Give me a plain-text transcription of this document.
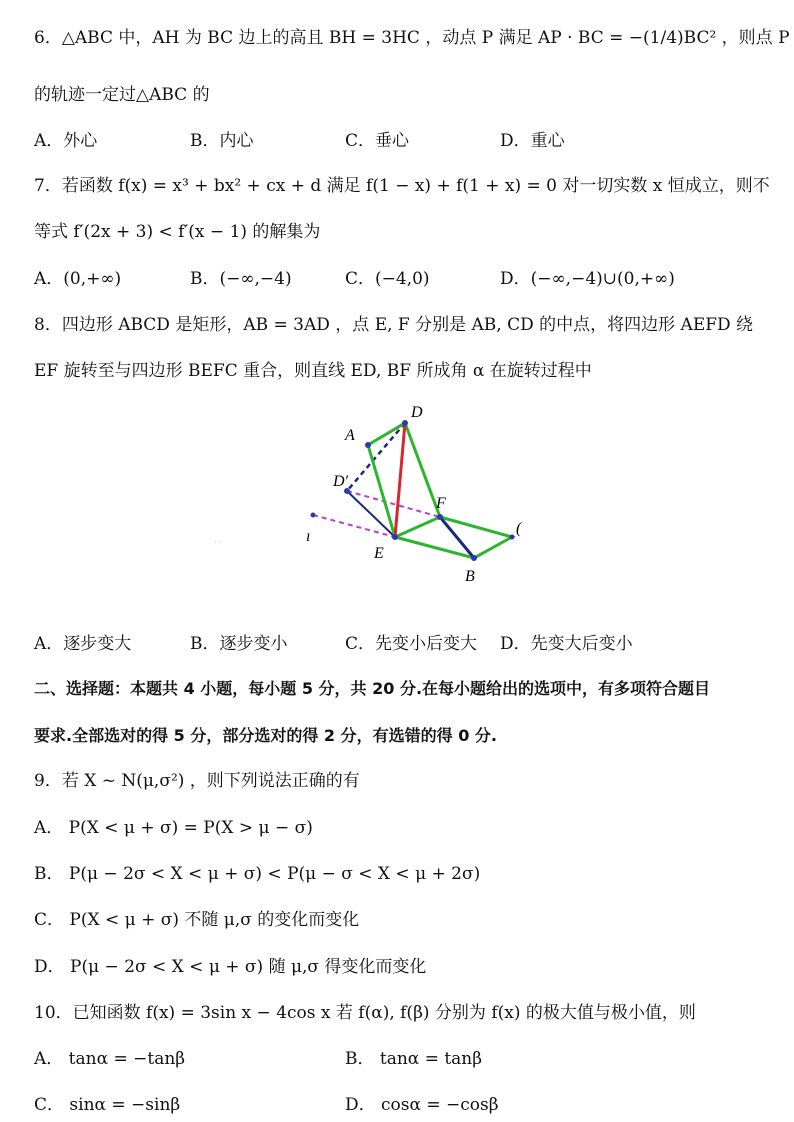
6．△ABC 中，AH 为 BC 边上的高且 BH = 3HC ，动点 P 满足 AP · BC = −(1/4)BC² ，则点 P
的轨迹一定过△ABC 的
A．外心	B．内心	C．垂心	D．重心
7．若函数 f(x) = x³ + bx² + cx + d 满足 f(1 − x) + f(1 + x) = 0 对一切实数 x 恒成立，则不
等式 f′(2x + 3) < f′(x − 1) 的解集为
A．(0,+∞)	B．(−∞,−4)	C．(−4,0)	D．(−∞,−4)∪(0,+∞)
8．四边形 ABCD 是矩形，AB = 3AD ，点 E, F 分别是 AB, CD 的中点，将四边形 AEFD 绕
EF 旋转至与四边形 BEFC 重合，则直线 ED, BF 所成角 α 在旋转过程中
D
A
D′
F
E
B
(
ı
· ·
A．逐步变大	B．逐步变小	C．先变小后变大 D．先变大后变小
二、选择题：本题共 4 小题，每小题 5 分，共 20 分.在每小题给出的选项中，有多项符合题目
要求.全部选对的得 5 分，部分选对的得 2 分，有选错的得 0 分.
9．若 X ~ N(μ,σ²) ，则下列说法正确的有
A． P(X < μ + σ) = P(X > μ − σ)
B． P(μ − 2σ < X < μ + σ) < P(μ − σ < X < μ + 2σ)
C． P(X < μ + σ) 不随 μ,σ 的变化而变化
D． P(μ − 2σ < X < μ + σ) 随 μ,σ 得变化而变化
10．已知函数 f(x) = 3sin x − 4cos x 若 f(α), f(β) 分别为 f(x) 的极大值与极小值，则
A． tanα = −tanβ	B． tanα = tanβ
C． sinα = −sinβ	D． cosα = −cosβ
